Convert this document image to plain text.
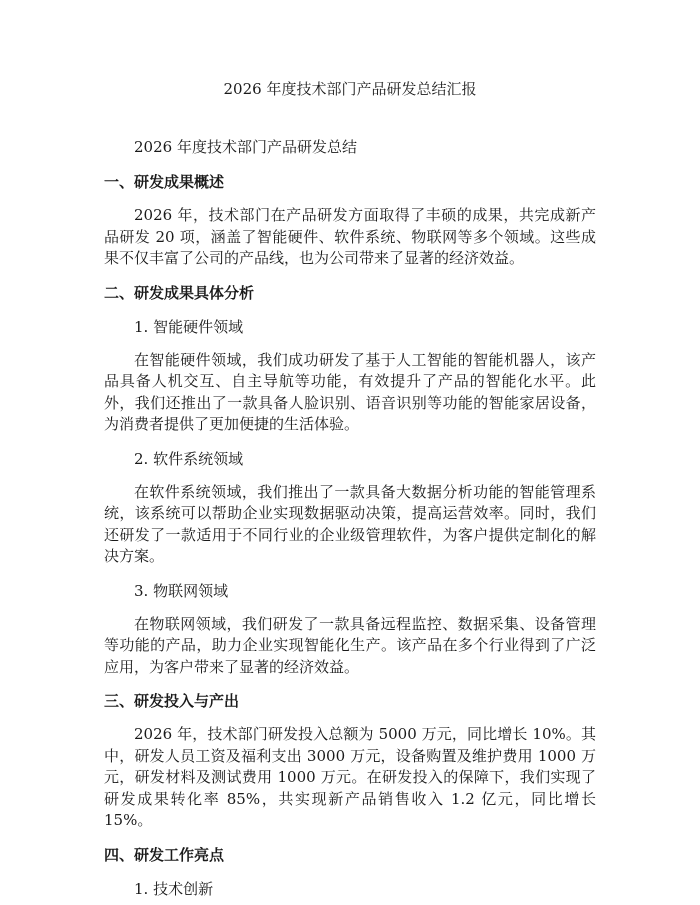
2026 年度技术部门产品研发总结汇报
2026 年度技术部门产品研发总结
一、研发成果概述
2026 年，技术部门在产品研发方面取得了丰硕的成果，共完成新产品研发 20 项，涵盖了智能硬件、软件系统、物联网等多个领域。这些成果不仅丰富了公司的产品线，也为公司带来了显著的经济效益。
二、研发成果具体分析
1. 智能硬件领域
在智能硬件领域，我们成功研发了基于人工智能的智能机器人，该产品具备人机交互、自主导航等功能，有效提升了产品的智能化水平。此外，我们还推出了一款具备人脸识别、语音识别等功能的智能家居设备，为消费者提供了更加便捷的生活体验。
2. 软件系统领域
在软件系统领域，我们推出了一款具备大数据分析功能的智能管理系统，该系统可以帮助企业实现数据驱动决策，提高运营效率。同时，我们还研发了一款适用于不同行业的企业级管理软件，为客户提供定制化的解决方案。
3. 物联网领域
在物联网领域，我们研发了一款具备远程监控、数据采集、设备管理等功能的产品，助力企业实现智能化生产。该产品在多个行业得到了广泛应用，为客户带来了显著的经济效益。
三、研发投入与产出
2026 年，技术部门研发投入总额为 5000 万元，同比增长 10%。其中，研发人员工资及福利支出 3000 万元，设备购置及维护费用 1000 万元，研发材料及测试费用 1000 万元。在研发投入的保障下，我们实现了研发成果转化率 85%，共实现新产品销售收入 1.2 亿元，同比增长 15%。
四、研发工作亮点
1. 技术创新
